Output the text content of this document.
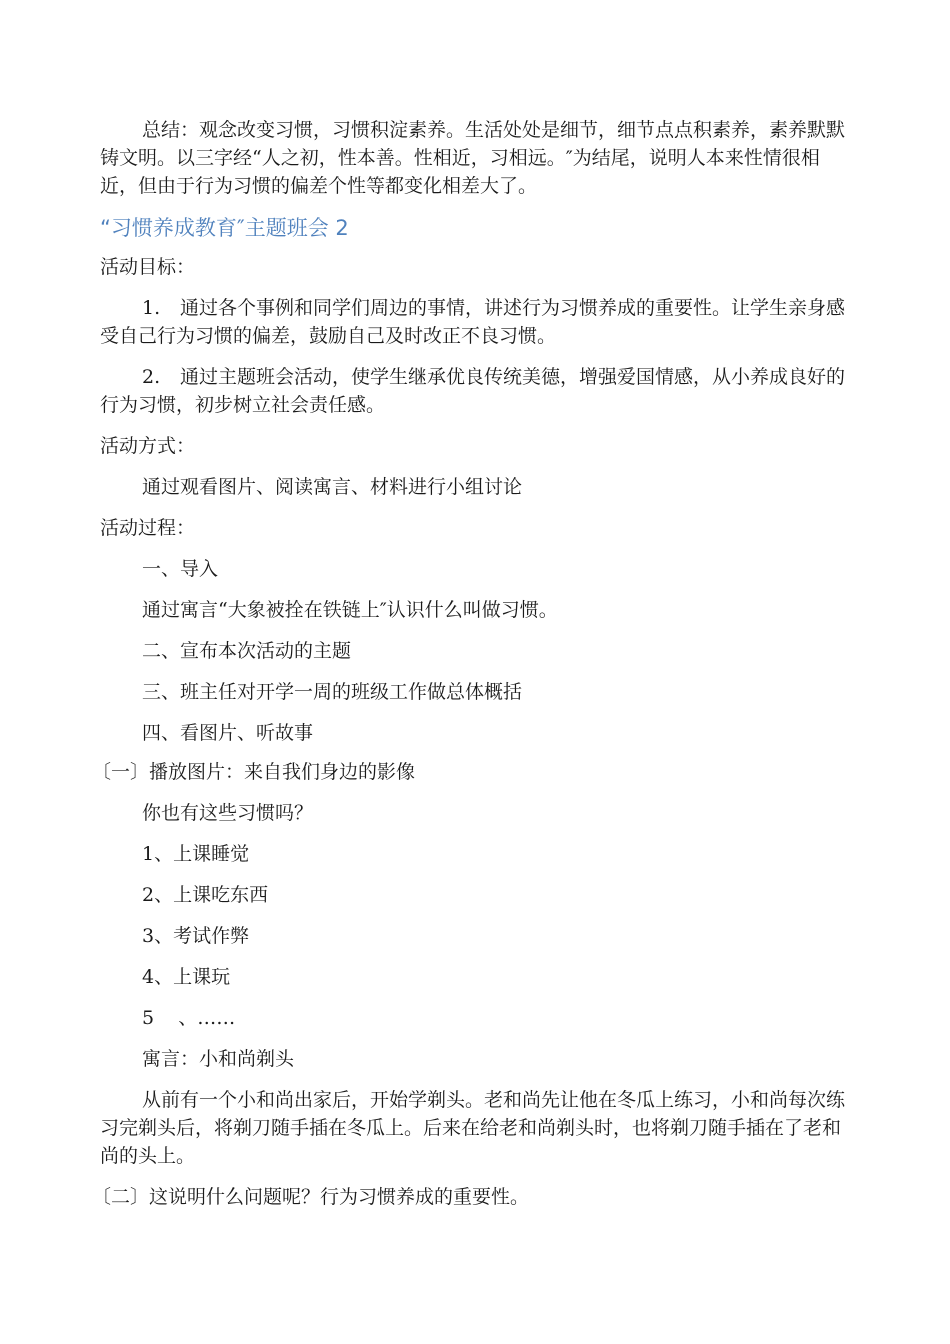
总结：观念改变习惯，习惯积淀素养。生活处处是细节，细节点点积素养，素养默默铸文明。以三字经“人之初，性本善。性相近，习相远。″为结尾，说明人本来性情很相近，但由于行为习惯的偏差个性等都变化相差大了。

“习惯养成教育″主题班会 2

活动目标：

1. 通过各个事例和同学们周边的事情，讲述行为习惯养成的重要性。让学生亲身感受自己行为习惯的偏差，鼓励自己及时改正不良习惯。

2. 通过主题班会活动，使学生继承优良传统美德，增强爱国情感，从小养成良好的行为习惯，初步树立社会责任感。

活动方式：

通过观看图片、阅读寓言、材料进行小组讨论

活动过程：

一、导入

通过寓言“大象被拴在铁链上″认识什么叫做习惯。

二、宣布本次活动的主题

三、班主任对开学一周的班级工作做总体概括

四、看图片、听故事

〔一〕播放图片：来自我们身边的影像

你也有这些习惯吗？

1、上课睡觉

2、上课吃东西

3、考试作弊

4、上课玩

5    、……

寓言：小和尚剃头

从前有一个小和尚出家后，开始学剃头。老和尚先让他在冬瓜上练习，小和尚每次练习完剃头后，将剃刀随手插在冬瓜上。后来在给老和尚剃头时，也将剃刀随手插在了老和尚的头上。

〔二〕这说明什么问题呢？行为习惯养成的重要性。
